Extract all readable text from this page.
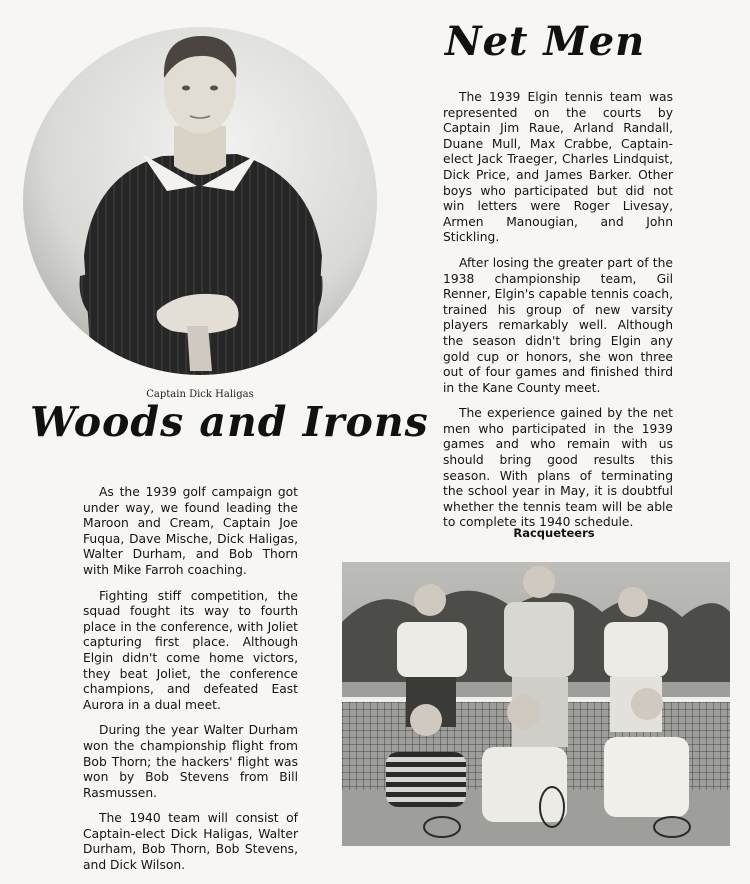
Captain Dick Haligas
Net Men
Woods and Irons

The 1939 Elgin tennis team was represented on the courts by Captain Jim Raue, Arland Randall, Duane Mull, Max Crabbe, Captain-elect Jack Traeger, Charles Lindquist, Dick Price, and James Barker. Other boys who participated but did not win letters were Roger Livesay, Armen Manougian, and John Stickling.

After losing the greater part of the 1938 championship team, Gil Renner, Elgin's capable tennis coach, trained his group of new varsity players remarkably well. Although the season didn't bring Elgin any gold cup or honors, she won three out of four games and finished third in the Kane County meet.

The experience gained by the net men who participated in the 1939 games and who remain with us should bring good results this season. With plans of terminating the school year in May, it is doubtful whether the tennis team will be able to complete its 1940 schedule.

Racqueteers

As the 1939 golf campaign got under way, we found leading the Maroon and Cream, Captain Joe Fuqua, Dave Mische, Dick Haligas, Walter Durham, and Bob Thorn with Mike Farroh coaching.

Fighting stiff competition, the squad fought its way to fourth place in the conference, with Joliet capturing first place. Although Elgin didn't come home victors, they beat Joliet, the conference champions, and defeated East Aurora in a dual meet.

During the year Walter Durham won the championship flight from Bob Thorn; the hackers' flight was won by Bob Stevens from Bill Rasmussen.

The 1940 team will consist of Captain-elect Dick Haligas, Walter Durham, Bob Thorn, Bob Stevens, and Dick Wilson.
